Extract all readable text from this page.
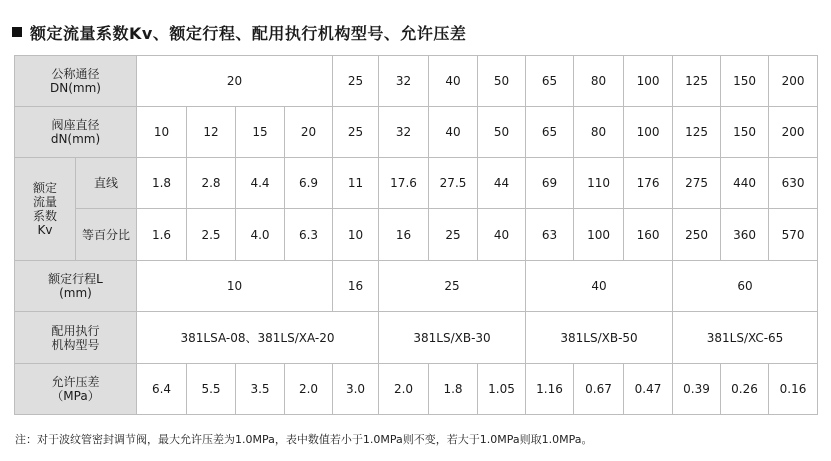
额定流量系数Kv、额定行程、配用执行机构型号、允许压差
公称通径
DN(mm)		20				25	32	40	50	65	80	100	125	150	200

阀座直径
dN(mm)		10	12	15	20	25	32	40	50	65	80	100	125	150	200

额定
流量
系数
Kv	直线	1.8	2.8	4.4	6.9	11	17.6	27.5	44	69	110	176	275	440	630
	等百分比	1.6	2.5	4.0	6.3	10	16	25	40	63	100	160	250	360	570

额定行程L
(mm)		10				16	25			40			60		

配用执行
机构型号		381LSA-08、381LS/XA-20					381LS/XB-30			381LS/XB-50			381LS/XC-65		

允许压差
（MPa）		6.4	5.5	3.5	2.0	3.0	2.0	1.8	1.05	1.16	0.67	0.47	0.39	0.26	0.16
注：对于波纹管密封调节阀，最大允许压差为1.0MPa，表中数值若小于1.0MPa则不变，若大于1.0MPa则取1.0MPa。
